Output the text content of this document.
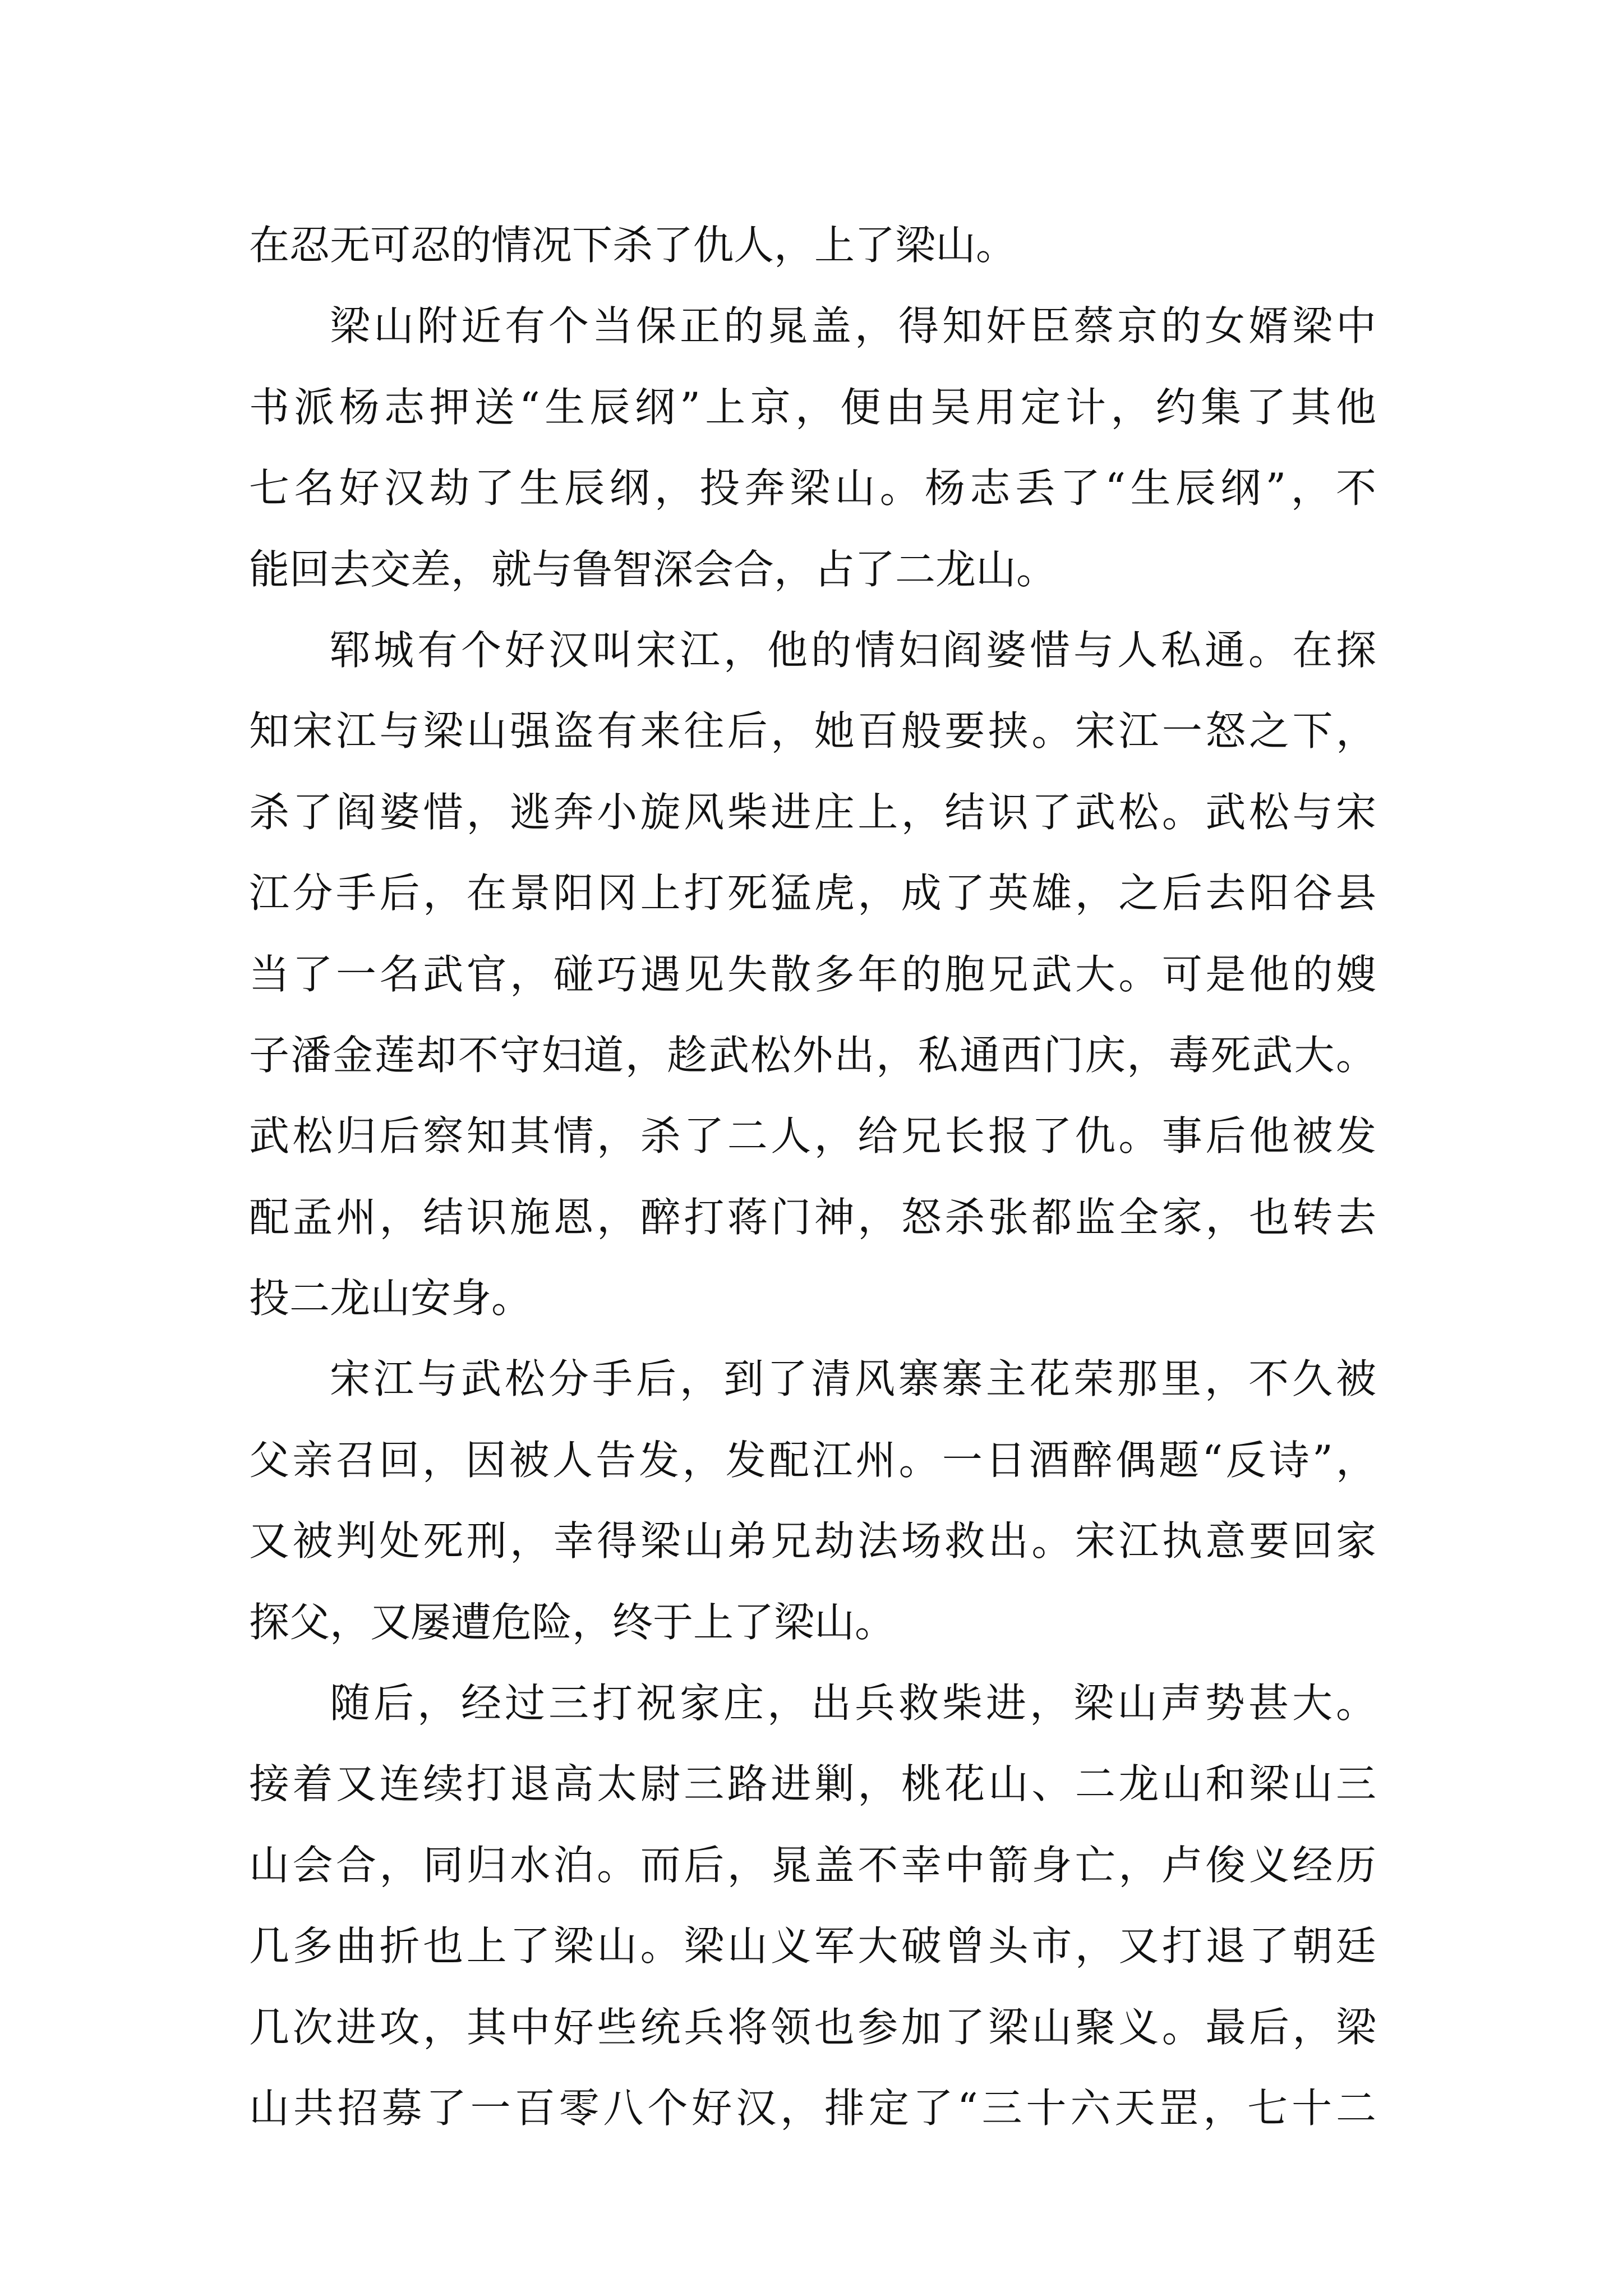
在忍无可忍的情况下杀了仇人，上了梁山。
梁山附近有个当保正的晁盖，得知奸臣蔡京的女婿梁中
书派杨志押送“生辰纲”上京，便由吴用定计，约集了其他
七名好汉劫了生辰纲，投奔梁山。杨志丢了“生辰纲”，不
能回去交差，就与鲁智深会合，占了二龙山。
郓城有个好汉叫宋江，他的情妇阎婆惜与人私通。在探
知宋江与梁山强盗有来往后，她百般要挟。宋江一怒之下，
杀了阎婆惜，逃奔小旋风柴进庄上，结识了武松。武松与宋
江分手后，在景阳冈上打死猛虎，成了英雄，之后去阳谷县
当了一名武官，碰巧遇见失散多年的胞兄武大。可是他的嫂
子潘金莲却不守妇道，趁武松外出，私通西门庆，毒死武大。
武松归后察知其情，杀了二人，给兄长报了仇。事后他被发
配孟州，结识施恩，醉打蒋门神，怒杀张都监全家，也转去
投二龙山安身。
宋江与武松分手后，到了清风寨寨主花荣那里，不久被
父亲召回，因被人告发，发配江州。一日酒醉偶题“反诗”，
又被判处死刑，幸得梁山弟兄劫法场救出。宋江执意要回家
探父，又屡遭危险，终于上了梁山。
随后，经过三打祝家庄，出兵救柴进，梁山声势甚大。
接着又连续打退高太尉三路进剿，桃花山、二龙山和梁山三
山会合，同归水泊。而后，晁盖不幸中箭身亡，卢俊义经历
几多曲折也上了梁山。梁山义军大破曾头市，又打退了朝廷
几次进攻，其中好些统兵将领也参加了梁山聚义。最后，梁
山共招募了一百零八个好汉，排定了“三十六天罡，七十二
